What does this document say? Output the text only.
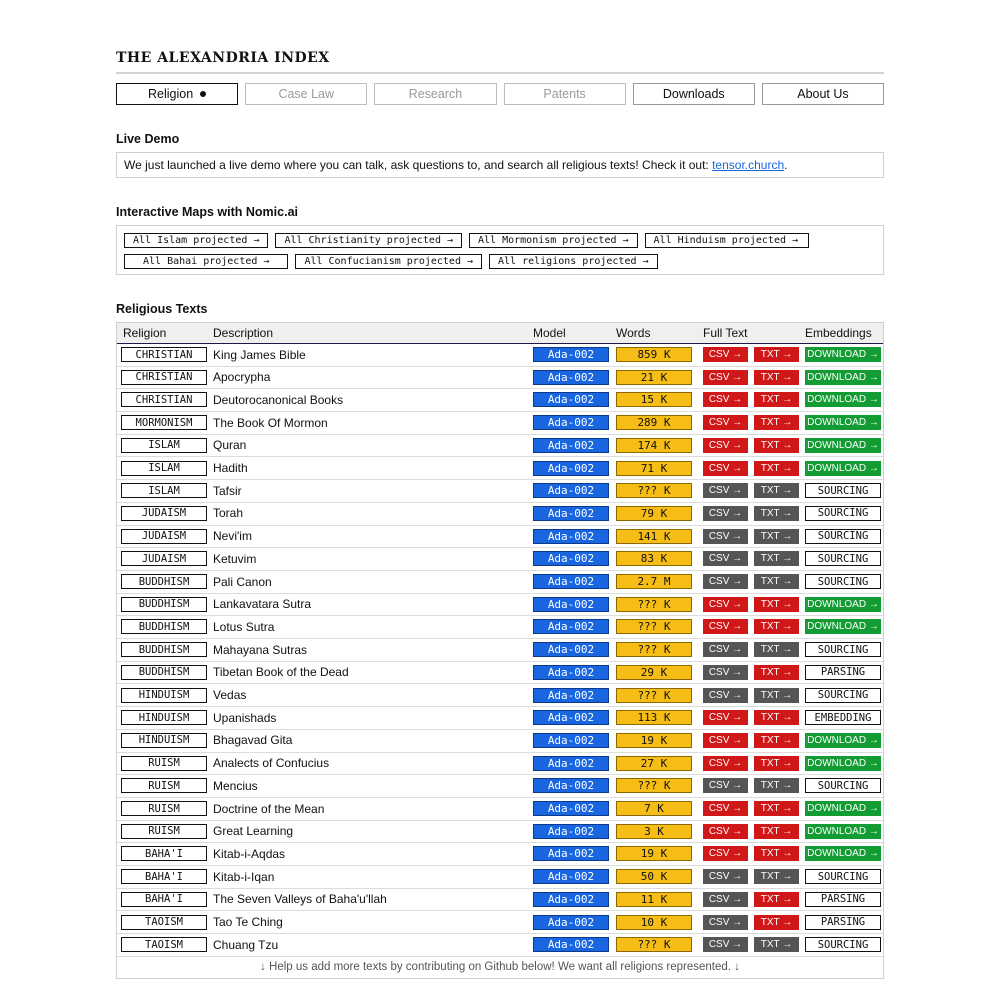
THE ALEXANDRIA INDEX
Religion	Case Law	Research	Patents	Downloads	About Us
Live Demo
We just launched a live demo where you can talk, ask questions to, and search all religious texts! Check it out: tensor.church.
Interactive Maps with Nomic.ai
All Islam projected →	All Christianity projected →	All Mormonism projected →	All Hinduism projected →
All Bahai projected →	All Confucianism projected →	All religions projected →
Religious Texts
Religion	Description	Model	Words	Full Text	Embeddings
CHRISTIAN	King James Bible	Ada-002	859 K	CSV →	TXT →	DOWNLOAD →
CHRISTIAN	Apocrypha	Ada-002	21 K	CSV →	TXT →	DOWNLOAD →
CHRISTIAN	Deutorocanonical Books	Ada-002	15 K	CSV →	TXT →	DOWNLOAD →
MORMONISM	The Book Of Mormon	Ada-002	289 K	CSV →	TXT →	DOWNLOAD →
ISLAM	Quran	Ada-002	174 K	CSV →	TXT →	DOWNLOAD →
ISLAM	Hadith	Ada-002	71 K	CSV →	TXT →	DOWNLOAD →
ISLAM	Tafsir	Ada-002	??? K	CSV →	TXT →	SOURCING
JUDAISM	Torah	Ada-002	79 K	CSV →	TXT →	SOURCING
JUDAISM	Nevi'im	Ada-002	141 K	CSV →	TXT →	SOURCING
JUDAISM	Ketuvim	Ada-002	83 K	CSV →	TXT →	SOURCING
BUDDHISM	Pali Canon	Ada-002	2.7 M	CSV →	TXT →	SOURCING
BUDDHISM	Lankavatara Sutra	Ada-002	??? K	CSV →	TXT →	DOWNLOAD →
BUDDHISM	Lotus Sutra	Ada-002	??? K	CSV →	TXT →	DOWNLOAD →
BUDDHISM	Mahayana Sutras	Ada-002	??? K	CSV →	TXT →	SOURCING
BUDDHISM	Tibetan Book of the Dead	Ada-002	29 K	CSV →	TXT →	PARSING
HINDUISM	Vedas	Ada-002	??? K	CSV →	TXT →	SOURCING
HINDUISM	Upanishads	Ada-002	113 K	CSV →	TXT →	EMBEDDING
HINDUISM	Bhagavad Gita	Ada-002	19 K	CSV →	TXT →	DOWNLOAD →
RUISM	Analects of Confucius	Ada-002	27 K	CSV →	TXT →	DOWNLOAD →
RUISM	Mencius	Ada-002	??? K	CSV →	TXT →	SOURCING
RUISM	Doctrine of the Mean	Ada-002	7 K	CSV →	TXT →	DOWNLOAD →
RUISM	Great Learning	Ada-002	3 K	CSV →	TXT →	DOWNLOAD →
BAHA'I	Kitab-i-Aqdas	Ada-002	19 K	CSV →	TXT →	DOWNLOAD →
BAHA'I	Kitab-i-Iqan	Ada-002	50 K	CSV →	TXT →	SOURCING
BAHA'I	The Seven Valleys of Baha'u'llah	Ada-002	11 K	CSV →	TXT →	PARSING
TAOISM	Tao Te Ching	Ada-002	10 K	CSV →	TXT →	PARSING
TAOISM	Chuang Tzu	Ada-002	??? K	CSV →	TXT →	SOURCING
↓ Help us add more texts by contributing on Github below! We want all religions represented. ↓
